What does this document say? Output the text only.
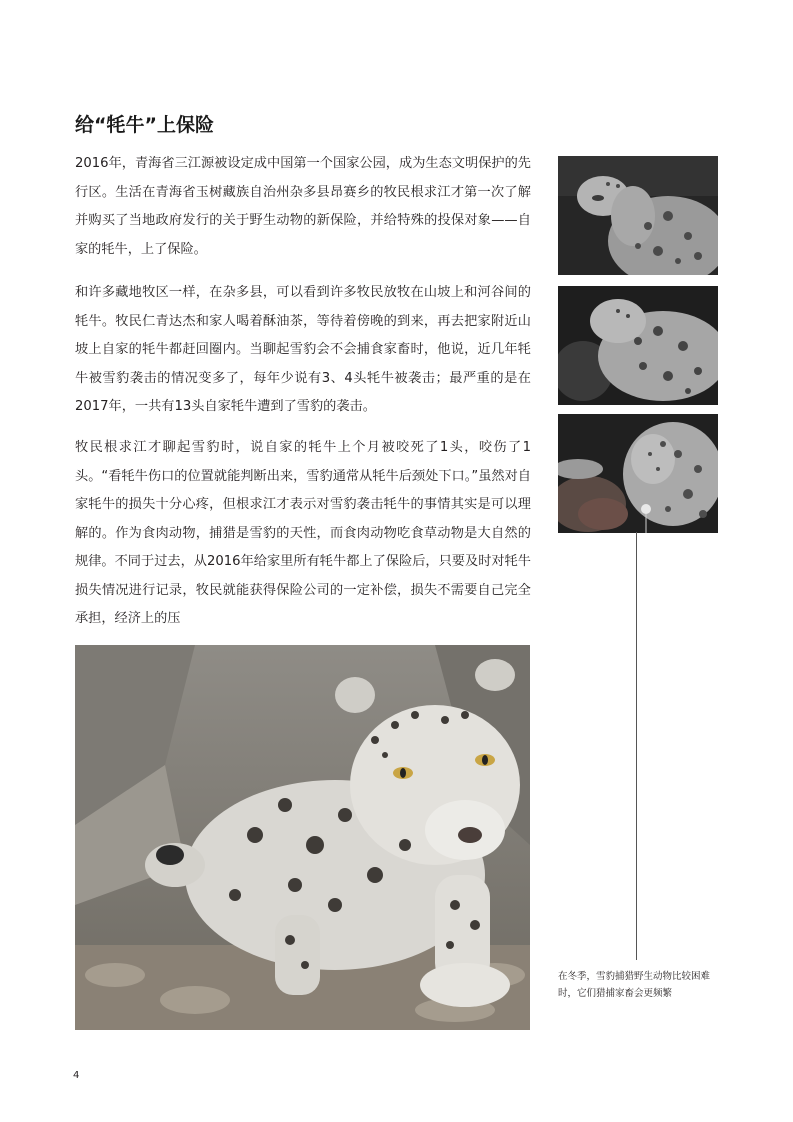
给“牦牛”上保险

2016年，青海省三江源被设定成中国第一个国家公园，成为生态文明保护的先行区。生活在青海省玉树藏族自治州杂多县昂赛乡的牧民根求江才第一次了解并购买了当地政府发行的关于野生动物的新保险，并给特殊的投保对象——自家的牦牛，上了保险。

和许多藏地牧区一样，在杂多县，可以看到许多牧民放牧在山坡上和河谷间的牦牛。牧民仁青达杰和家人喝着酥油茶，等待着傍晚的到来，再去把家附近山坡上自家的牦牛都赶回圈内。当聊起雪豹会不会捕食家畜时，他说，近几年牦牛被雪豹袭击的情况变多了，每年少说有3、4头牦牛被袭击；最严重的是在2017年，一共有13头自家牦牛遭到了雪豹的袭击。

牧民根求江才聊起雪豹时，说自家的牦牛上个月被咬死了1头，咬伤了1头。“看牦牛伤口的位置就能判断出来，雪豹通常从牦牛后颈处下口。”虽然对自家牦牛的损失十分心疼，但根求江才表示对雪豹袭击牦牛的事情其实是可以理解的。作为食肉动物，捕猎是雪豹的天性，而食肉动物吃食草动物是大自然的规律。不同于过去，从2016年给家里所有牦牛都上了保险后，只要及时对牦牛损失情况进行记录，牧民就能获得保险公司的一定补偿，损失不需要自己完全承担，经济上的压

在冬季，雪豹捕猎野生动物比较困难时，它们猎捕家畜会更频繁

4
